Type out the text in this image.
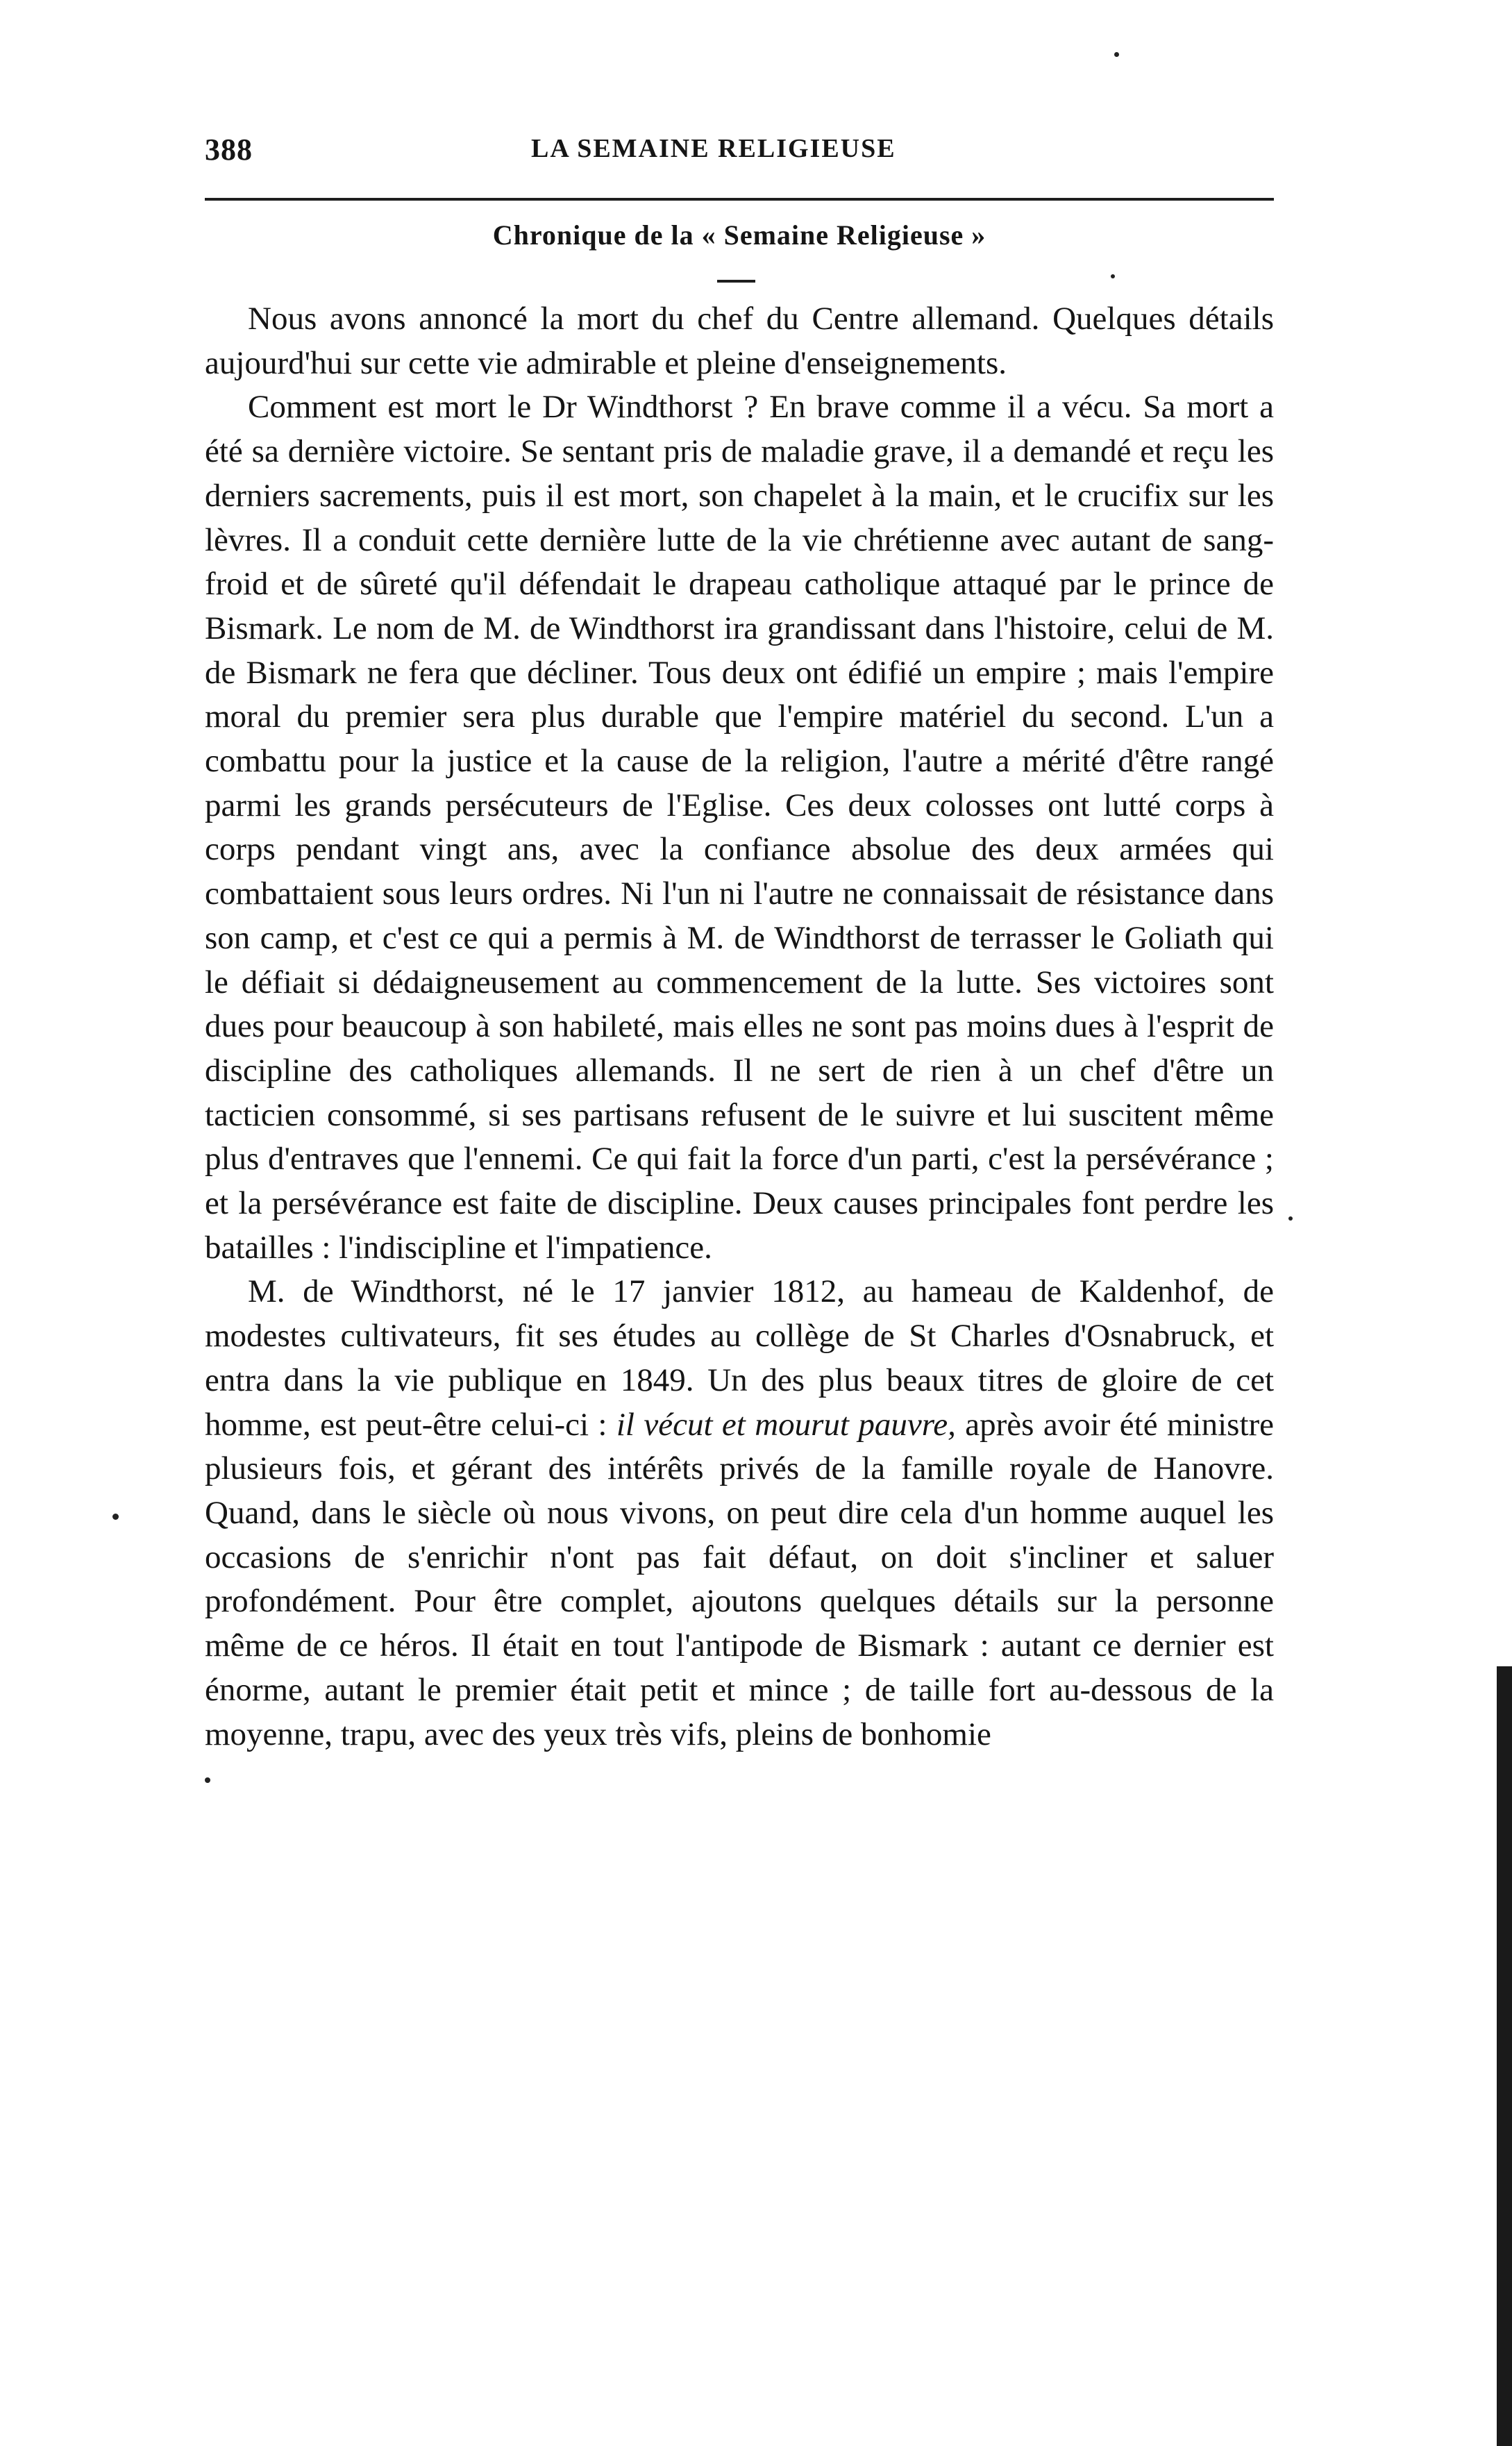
388	LA SEMAINE RELIGIEUSE
Chronique de la « Semaine Religieuse »

Nous avons annoncé la mort du chef du Centre allemand. Quelques détails aujourd'hui sur cette vie admirable et pleine d'enseignements.

Comment est mort le Dr Windthorst ? En brave comme il a vécu. Sa mort a été sa dernière victoire. Se sentant pris de maladie grave, il a demandé et reçu les derniers sacrements, puis il est mort, son chapelet à la main, et le crucifix sur les lèvres. Il a conduit cette dernière lutte de la vie chrétienne avec autant de sang-froid et de sûreté qu'il défendait le drapeau catholique attaqué par le prince de Bismark. Le nom de M. de Windthorst ira grandissant dans l'histoire, celui de M. de Bismark ne fera que décliner. Tous deux ont édifié un empire ; mais l'empire moral du premier sera plus durable que l'empire matériel du second. L'un a combattu pour la justice et la cause de la religion, l'autre a mérité d'être rangé parmi les grands persécuteurs de l'Eglise. Ces deux colosses ont lutté corps à corps pendant vingt ans, avec la confiance absolue des deux armées qui combattaient sous leurs ordres. Ni l'un ni l'autre ne connaissait de résistance dans son camp, et c'est ce qui a permis à M. de Windthorst de terrasser le Goliath qui le défiait si dédaigneusement au commencement de la lutte. Ses victoires sont dues pour beaucoup à son habileté, mais elles ne sont pas moins dues à l'esprit de discipline des catholiques allemands. Il ne sert de rien à un chef d'être un tacticien consommé, si ses partisans refusent de le suivre et lui suscitent même plus d'entraves que l'ennemi. Ce qui fait la force d'un parti, c'est la persévérance ; et la persévérance est faite de discipline. Deux causes principales font perdre les batailles : l'indiscipline et l'impatience.

M. de Windthorst, né le 17 janvier 1812, au hameau de Kaldenhof, de modestes cultivateurs, fit ses études au collège de St Charles d'Osnabruck, et entra dans la vie publique en 1849. Un des plus beaux titres de gloire de cet homme, est peut-être celui-ci : il vécut et mourut pauvre, après avoir été ministre plusieurs fois, et gérant des intérêts privés de la famille royale de Hanovre. Quand, dans le siècle où nous vivons, on peut dire cela d'un homme auquel les occasions de s'enrichir n'ont pas fait défaut, on doit s'incliner et saluer profondément. Pour être complet, ajoutons quelques détails sur la personne même de ce héros. Il était en tout l'antipode de Bismark : autant ce dernier est énorme, autant le premier était petit et mince ; de taille fort au-dessous de la moyenne, trapu, avec des yeux très vifs, pleins de bonhomie
